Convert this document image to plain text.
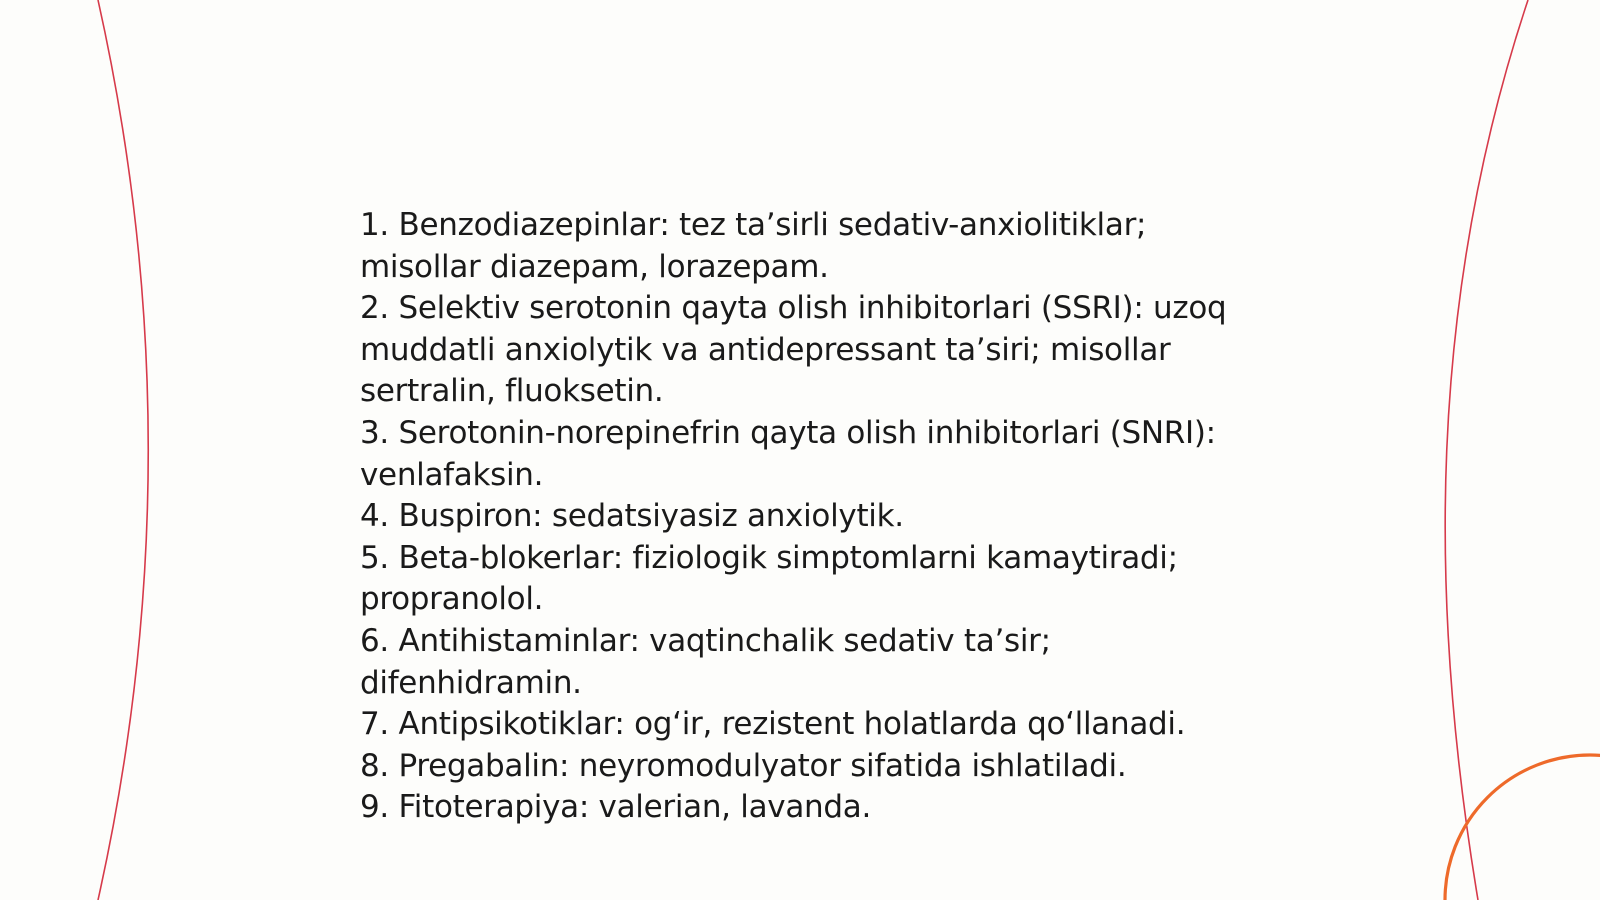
1. Benzodiazepinlar: tez ta’sirli sedativ-anxiolitiklar; misollar diazepam, lorazepam.

2. Selektiv serotonin qayta olish inhibitorlari (SSRI): uzoq muddatli anxiolytik va antidepressant ta’siri; misollar sertralin, fluoksetin.

3. Serotonin-norepinefrin qayta olish inhibitorlari (SNRI): venlafaksin.

4. Buspiron: sedatsiyasiz anxiolytik.

5. Beta-blokerlar: fiziologik simptomlarni kamaytiradi; propranolol.

6. Antihistaminlar: vaqtinchalik sedativ ta’sir; difenhidramin.

7. Antipsikotiklar: og‘ir, rezistent holatlarda qo‘llanadi.

8. Pregabalin: neyromodulyator sifatida ishlatiladi.

9. Fitoterapiya: valerian, lavanda.
